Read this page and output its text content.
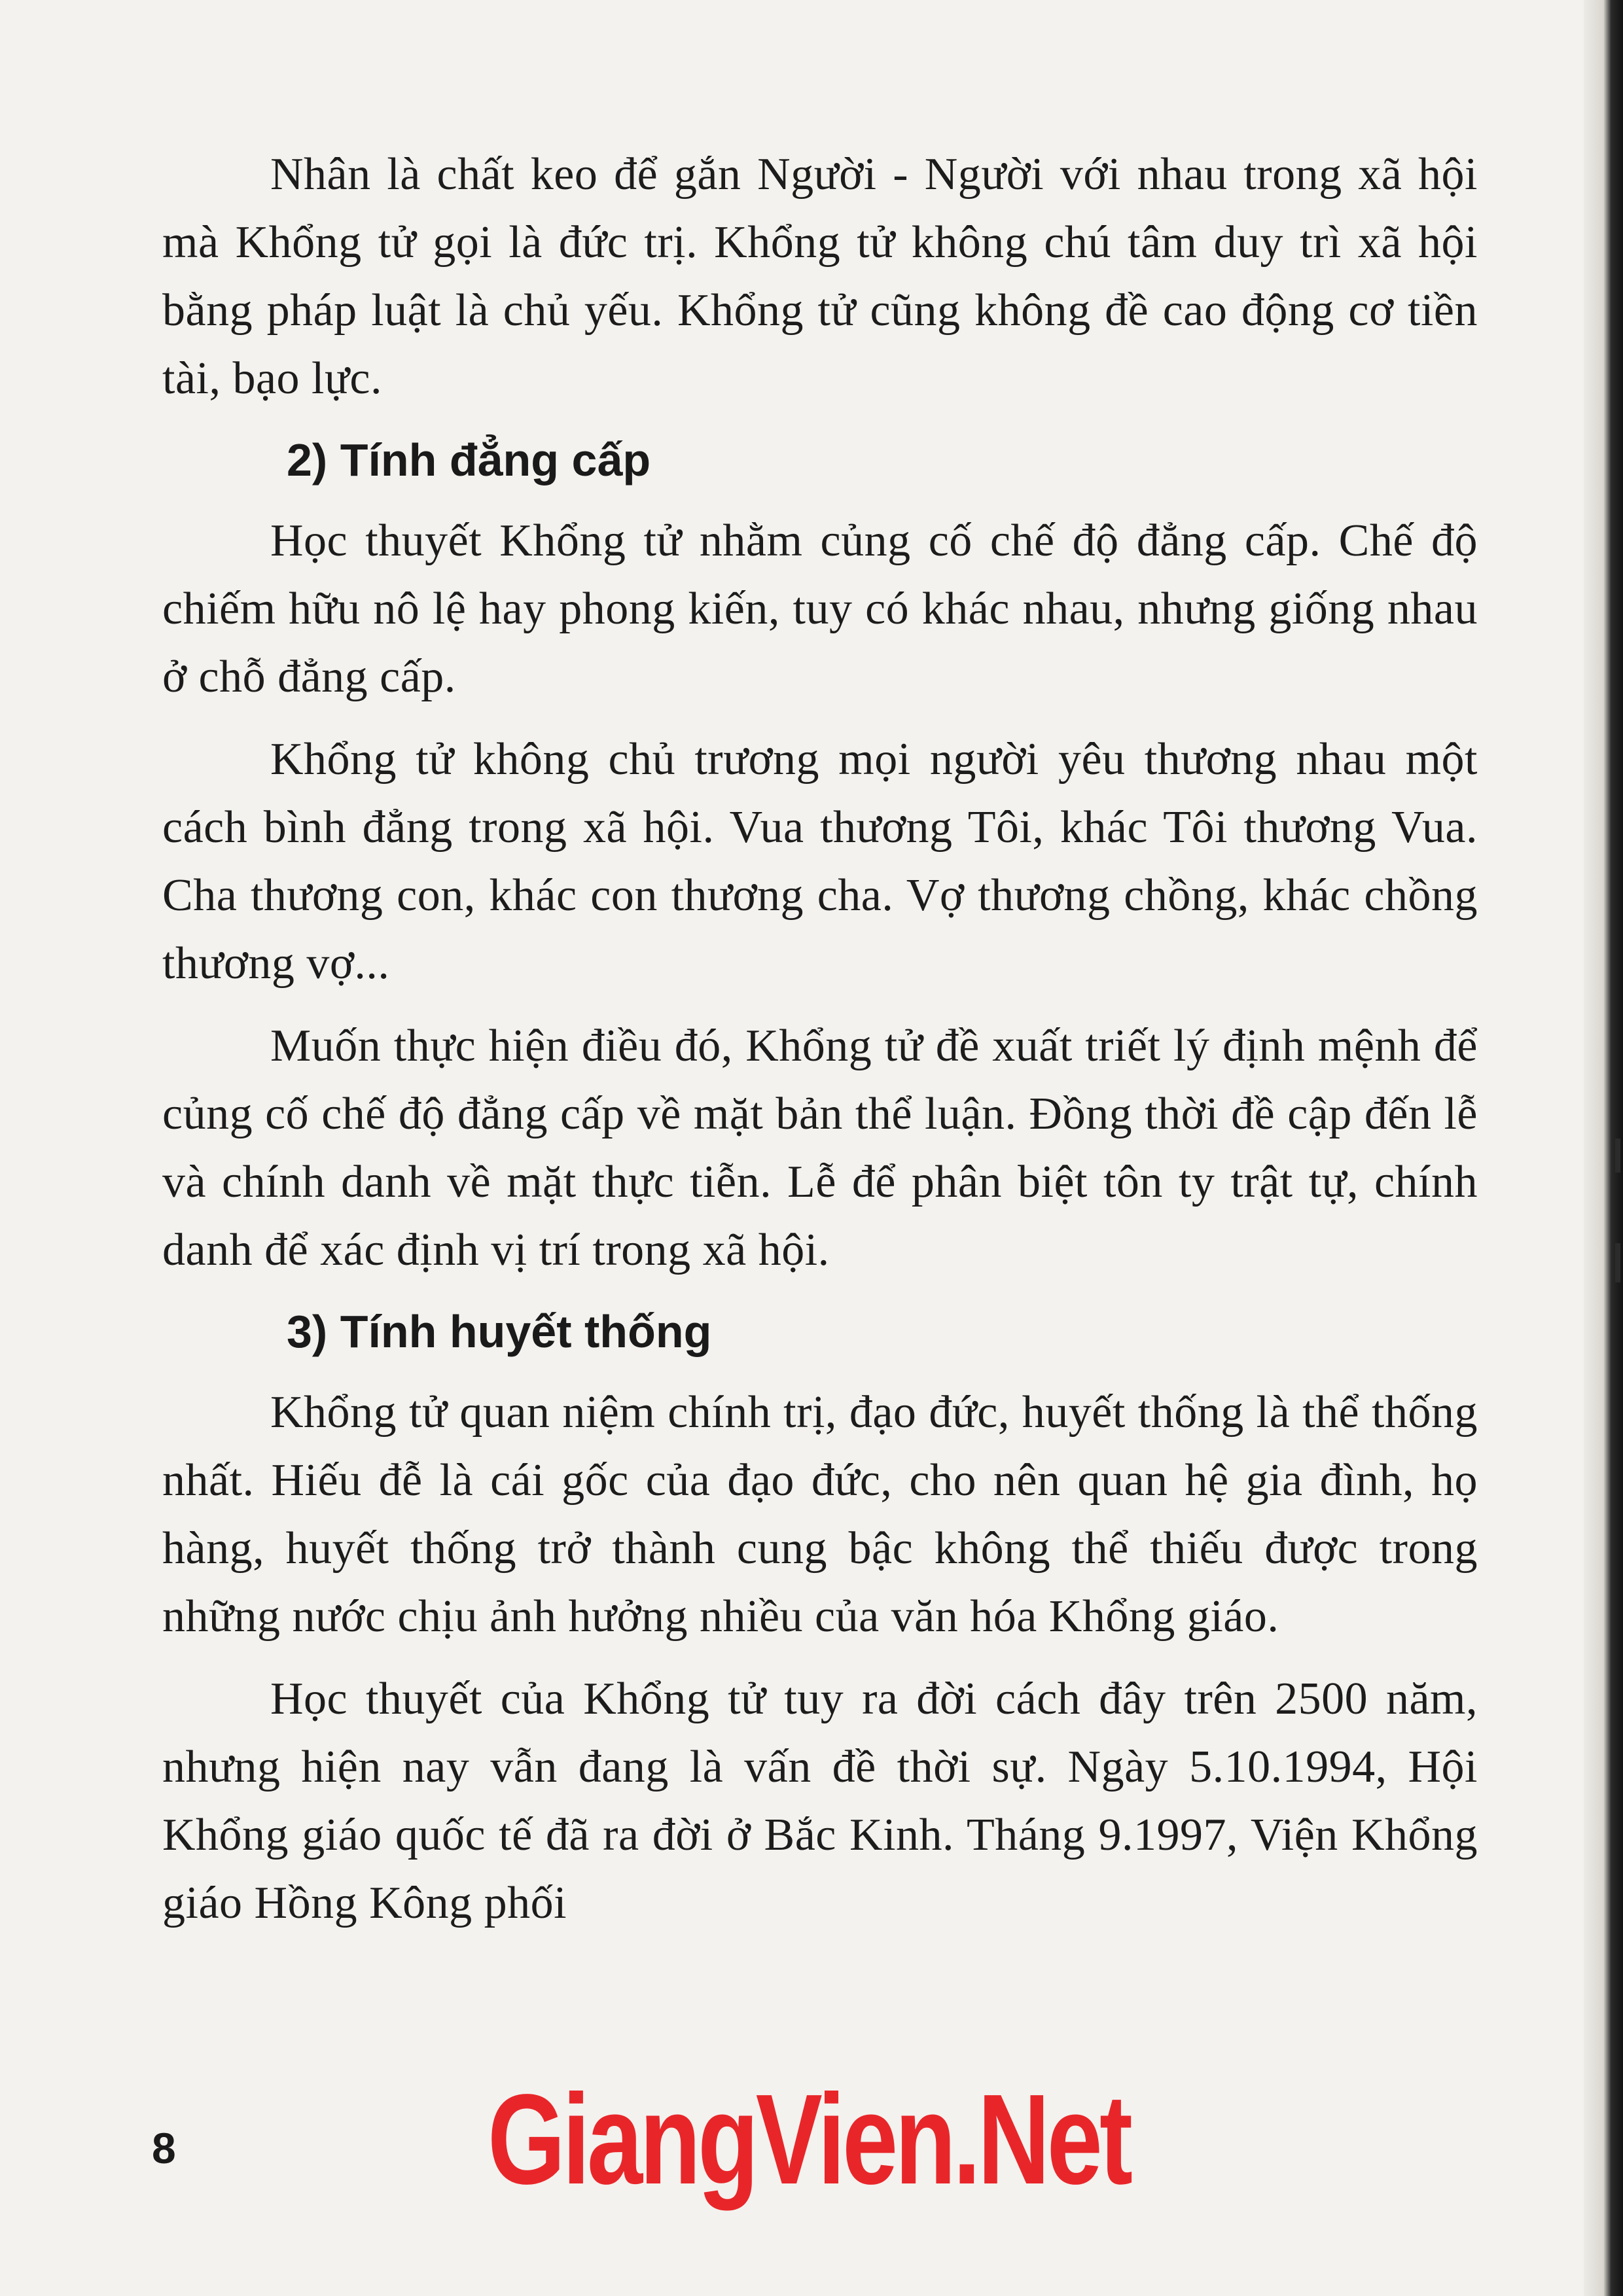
Nhân là chất keo để gắn Người - Người với nhau trong xã hội mà Khổng tử gọi là đức trị. Khổng tử không chú tâm duy trì xã hội bằng pháp luật là chủ yếu. Khổng tử cũng không đề cao động cơ tiền tài, bạo lực.

2) Tính đẳng cấp

Học thuyết Khổng tử nhằm củng cố chế độ đẳng cấp. Chế độ chiếm hữu nô lệ hay phong kiến, tuy có khác nhau, nhưng giống nhau ở chỗ đẳng cấp.

Khổng tử không chủ trương mọi người yêu thương nhau một cách bình đẳng trong xã hội. Vua thương Tôi, khác Tôi thương Vua. Cha thương con, khác con thương cha. Vợ thương chồng, khác chồng thương vợ...

Muốn thực hiện điều đó, Khổng tử đề xuất triết lý định mệnh để củng cố chế độ đẳng cấp về mặt bản thể luận. Đồng thời đề cập đến lễ và chính danh về mặt thực tiễn. Lễ để phân biệt tôn ty trật tự, chính danh để xác định vị trí trong xã hội.

3) Tính huyết thống

Khổng tử quan niệm chính trị, đạo đức, huyết thống là thể thống nhất. Hiếu đễ là cái gốc của đạo đức, cho nên quan hệ gia đình, họ hàng, huyết thống trở thành cung bậc không thể thiếu được trong những nước chịu ảnh hưởng nhiều của văn hóa Khổng giáo.

Học thuyết của Khổng tử tuy ra đời cách đây trên 2500 năm, nhưng hiện nay vẫn đang là vấn đề thời sự. Ngày 5.10.1994, Hội Khổng giáo quốc tế đã ra đời ở Bắc Kinh. Tháng 9.1997, Viện Khổng giáo Hồng Kông phối

8 GiangVien.Net
